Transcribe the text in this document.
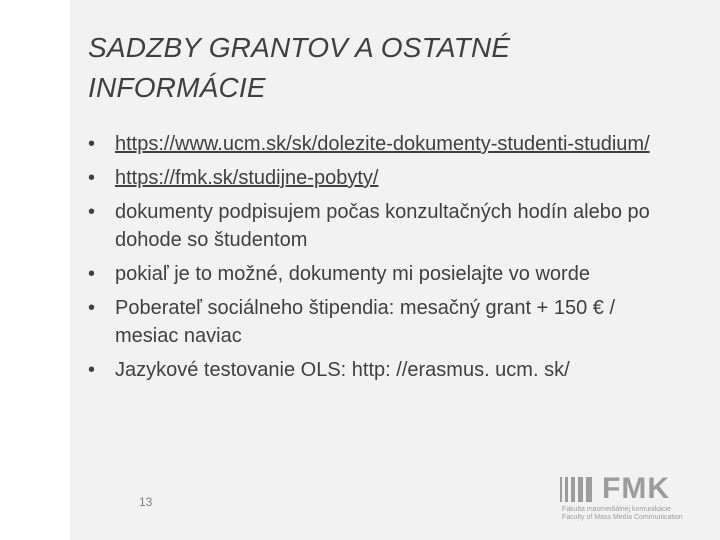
SADZBY GRANTOV A OSTATNÉ INFORMÁCIE
• https://www.ucm.sk/sk/dolezite-dokumenty-studenti-studium/
• https://fmk.sk/studijne-pobyty/
• dokumenty podpisujem počas konzultačných hodín alebo po dohode so študentom
• pokiaľ je to možné, dokumenty mi posielajte vo worde
• Poberateľ sociálneho štipendia: mesačný grant + 150 € / mesiac naviac
• Jazykové testovanie OLS: http: //erasmus. ucm. sk/
13	FMK
Fakulta masmediálnej komunikácie
Faculty of Mass Media Communication
